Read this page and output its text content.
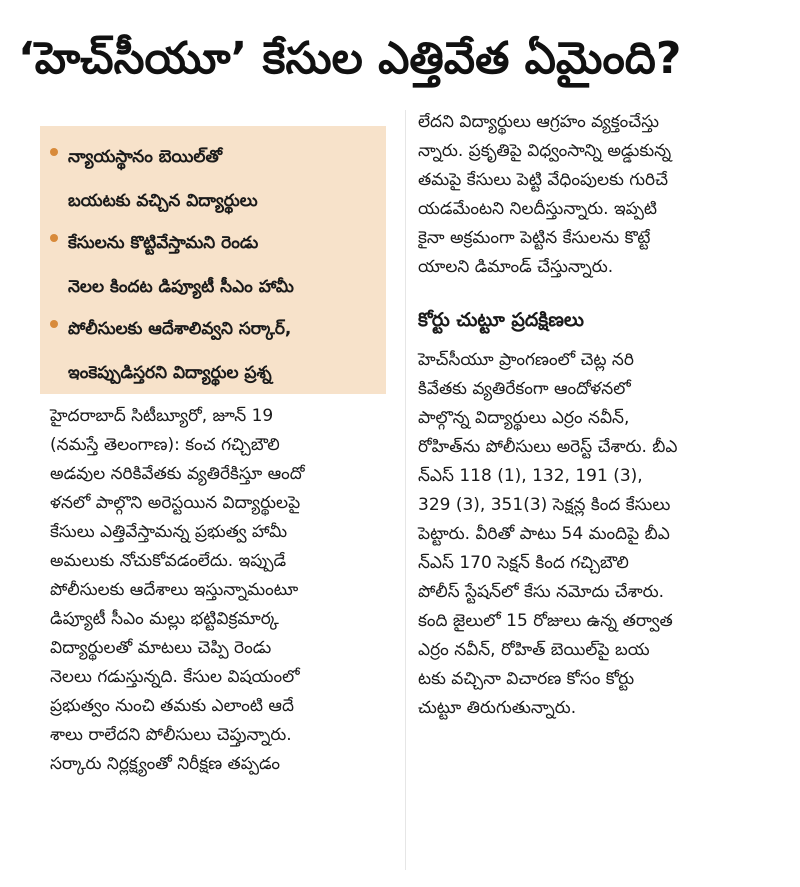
‘హెచ్‌సీయూ’ కేసుల ఎత్తివేత ఏమైంది?
న్యాయస్థానం బెయిల్‌తో
బయటకు వచ్చిన విద్యార్థులు
కేసులను కొట్టివేస్తామని రెండు
నెలల కిందట డిప్యూటీ సీఎం హామీ
పోలీసులకు ఆదేశాలివ్వని సర్కార్‌,
ఇంకెప్పుడిస్తరని విద్యార్థుల ప్రశ్న
హైదరాబాద్‌ సిటీబ్యూరో, జూన్‌ 19
(నమస్తే తెలంగాణ): కంచ గచ్చిబౌలి
అడవుల నరికివేతకు వ్యతిరేకిస్తూ ఆందో
ళనలో పాల్గొని అరెస్టయిన విద్యార్థులపై
కేసులు ఎత్తివేస్తామన్న ప్రభుత్వ హామీ
అమలుకు నోచుకోవడంలేదు. ఇప్పుడే
పోలీసులకు ఆదేశాలు ఇస్తున్నామంటూ
డిప్యూటీ సీఎం మల్లు భట్టివిక్రమార్క
విద్యార్థులతో మాటలు చెప్పి రెండు
నెలలు గడుస్తున్నది. కేసుల విషయంలో
ప్రభుత్వం నుంచి తమకు ఎలాంటి ఆదే
శాలు రాలేదని పోలీసులు చెప్తున్నారు.
సర్కారు నిర్లక్ష్యంతో నిరీక్షణ తప్పడం
లేదని విద్యార్థులు ఆగ్రహం వ్యక్తంచేస్తు
న్నారు. ప్రకృతిపై విధ్వంసాన్ని అడ్డుకున్న
తమపై కేసులు పెట్టి వేధింపులకు గురిచే
యడమేంటని నిలదీస్తున్నారు. ఇప్పటి
కైనా అక్రమంగా పెట్టిన కేసులను కొట్టే
యాలని డిమాండ్‌ చేస్తున్నారు.
కోర్టు చుట్టూ ప్రదక్షిణలు
హెచ్‌సీయూ ప్రాంగణంలో చెట్ల నరి
కివేతకు వ్యతిరేకంగా ఆందోళనలో
పాల్గొన్న విద్యార్థులు ఎర్రం నవీన్‌,
రోహిత్‌ను పోలీసులు అరెస్ట్‌ చేశారు. బీఎ
న్‌ఎస్‌ 118 (1), 132, 191 (3),
329 (3), 351(3) సెక్షన్ల కింద కేసులు
పెట్టారు. వీరితో పాటు 54 మందిపై బీఎ
న్‌ఎస్‌ 170 సెక్షన్‌ కింద గచ్చిబౌలి
పోలీస్‌ స్టేషన్‌లో కేసు నమోదు చేశారు.
కంది జైలులో 15 రోజులు ఉన్న తర్వాత
ఎర్రం నవీన్‌, రోహిత్‌ బెయిల్‌పై బయ
టకు వచ్చినా విచారణ కోసం కోర్టు
చుట్టూ తిరుగుతున్నారు.
